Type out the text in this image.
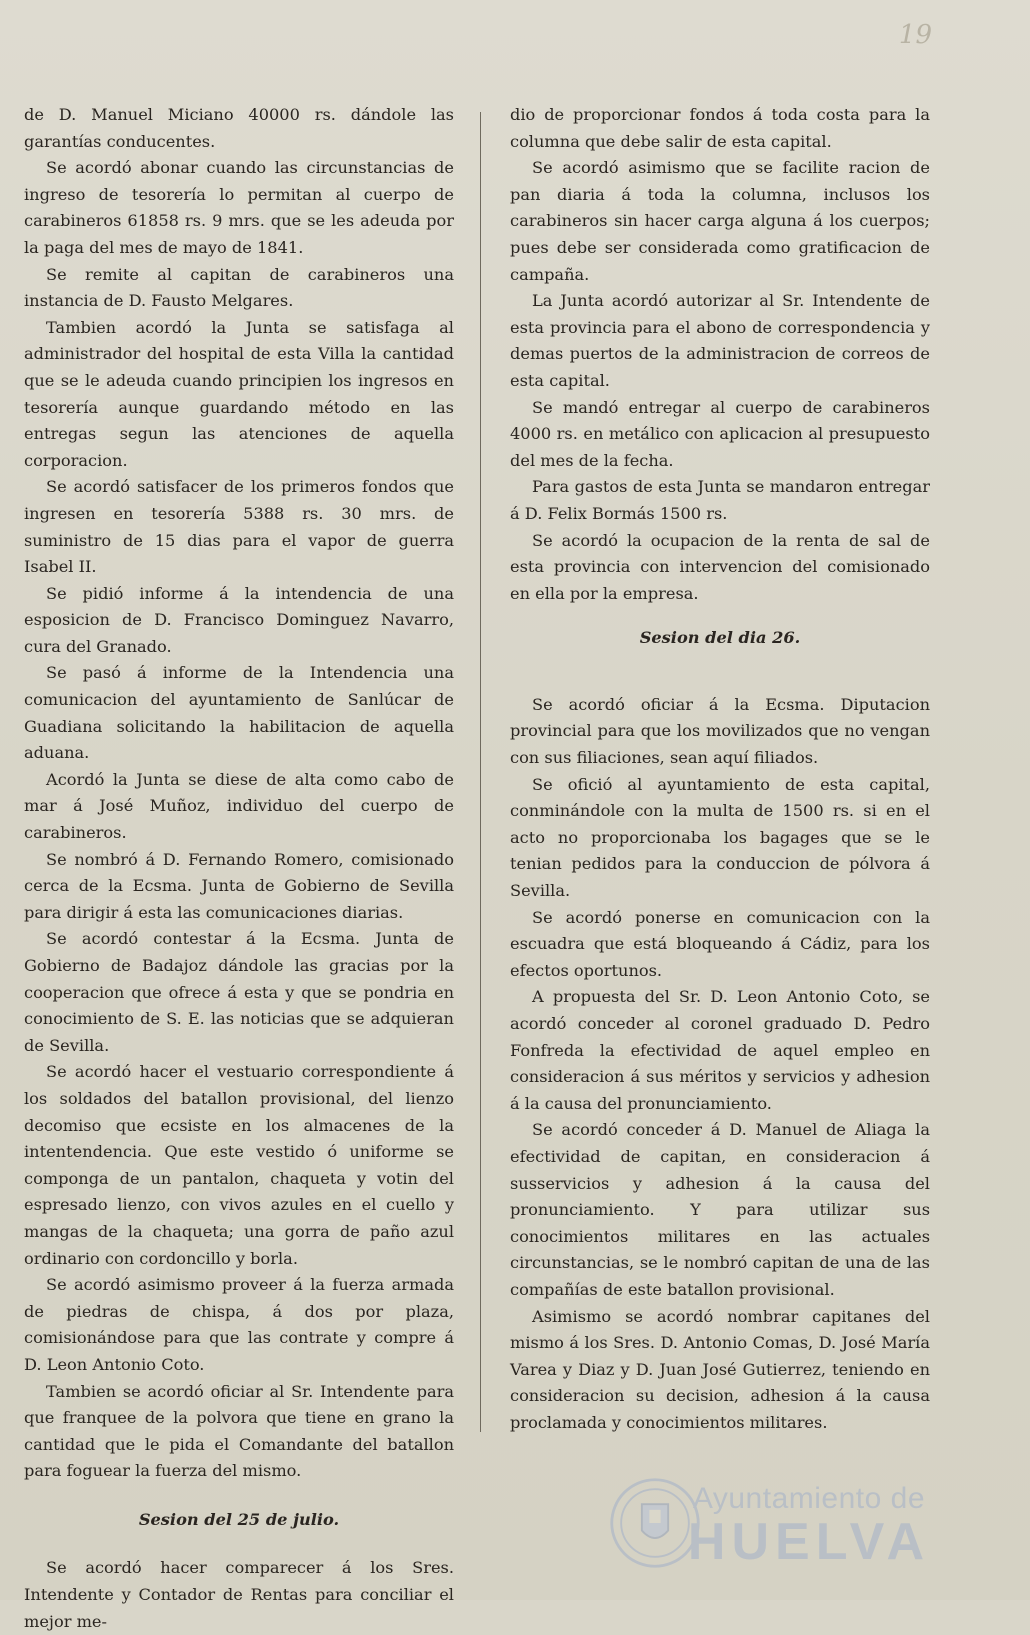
19

de D. Manuel Miciano 40000 rs. dándole las garantías conducentes.

Se acordó abonar cuando las circunstancias de ingreso de tesorería lo permitan al cuerpo de carabineros 61858 rs. 9 mrs. que se les adeuda por la paga del mes de mayo de 1841.

Se remite al capitan de carabineros una instancia de D. Fausto Melgares.

Tambien acordó la Junta se satisfaga al administrador del hospital de esta Villa la cantidad que se le adeuda cuando principien los ingresos en tesorería aunque guardando método en las entregas segun las atenciones de aquella corporacion.

Se acordó satisfacer de los primeros fondos que ingresen en tesorería 5388 rs. 30 mrs. de suministro de 15 dias para el vapor de guerra Isabel II.

Se pidió informe á la intendencia de una esposicion de D. Francisco Dominguez Navarro, cura del Granado.

Se pasó á informe de la Intendencia una comunicacion del ayuntamiento de Sanlúcar de Guadiana solicitando la habilitacion de aquella aduana.

Acordó la Junta se diese de alta como cabo de mar á José Muñoz, individuo del cuerpo de carabineros.

Se nombró á D. Fernando Romero, comisionado cerca de la Ecsma. Junta de Gobierno de Sevilla para dirigir á esta las comunicaciones diarias.

Se acordó contestar á la Ecsma. Junta de Gobierno de Badajoz dándole las gracias por la cooperacion que ofrece á esta y que se pondria en conocimiento de S. E. las noticias que se adquieran de Sevilla.

Se acordó hacer el vestuario correspondiente á los soldados del batallon provisional, del lienzo decomiso que ecsiste en los almacenes de la intentendencia. Que este vestido ó uniforme se componga de un pantalon, chaqueta y votin del espresado lienzo, con vivos azules en el cuello y mangas de la chaqueta; una gorra de paño azul ordinario con cordoncillo y borla.

Se acordó asimismo proveer á la fuerza armada de piedras de chispa, á dos por plaza, comisionándose para que las contrate y compre á D. Leon Antonio Coto.

Tambien se acordó oficiar al Sr. Intendente para que franquee de la polvora que tiene en grano la cantidad que le pida el Comandante del batallon para foguear la fuerza del mismo.

Sesion del 25 de julio.

Se acordó hacer comparecer á los Sres. Intendente y Contador de Rentas para conciliar el mejor me-

dio de proporcionar fondos á toda costa para la columna que debe salir de esta capital.

Se acordó asimismo que se facilite racion de pan diaria á toda la columna, inclusos los carabineros sin hacer carga alguna á los cuerpos; pues debe ser considerada como gratificacion de campaña.

La Junta acordó autorizar al Sr. Intendente de esta provincia para el abono de correspondencia y demas puertos de la administracion de correos de esta capital.

Se mandó entregar al cuerpo de carabineros 4000 rs. en metálico con aplicacion al presupuesto del mes de la fecha.

Para gastos de esta Junta se mandaron entregar á D. Felix Bormás 1500 rs.

Se acordó la ocupacion de la renta de sal de esta provincia con intervencion del comisionado en ella por la empresa.

Sesion del dia 26.

Se acordó oficiar á la Ecsma. Diputacion provincial para que los movilizados que no vengan con sus filiaciones, sean aquí filiados.

Se ofició al ayuntamiento de esta capital, conminándole con la multa de 1500 rs. si en el acto no proporcionaba los bagages que se le tenian pedidos para la conduccion de pólvora á Sevilla.

Se acordó ponerse en comunicacion con la escuadra que está bloqueando á Cádiz, para los efectos oportunos.

A propuesta del Sr. D. Leon Antonio Coto, se acordó conceder al coronel graduado D. Pedro Fonfreda la efectividad de aquel empleo en consideracion á sus méritos y servicios y adhesion á la causa del pronunciamiento.

Se acordó conceder á D. Manuel de Aliaga la efectividad de capitan, en consideracion á susservicios y adhesion á la causa del pronunciamiento. Y para utilizar sus conocimientos militares en las actuales circunstancias, se le nombró capitan de una de las compañías de este batallon provisional.

Asimismo se acordó nombrar capitanes del mismo á los Sres. D. Antonio Comas, D. José María Varea y Diaz y D. Juan José Gutierrez, teniendo en consideracion su decision, adhesion á la causa proclamada y conocimientos militares.

Ayuntamiento de
HUELVA
